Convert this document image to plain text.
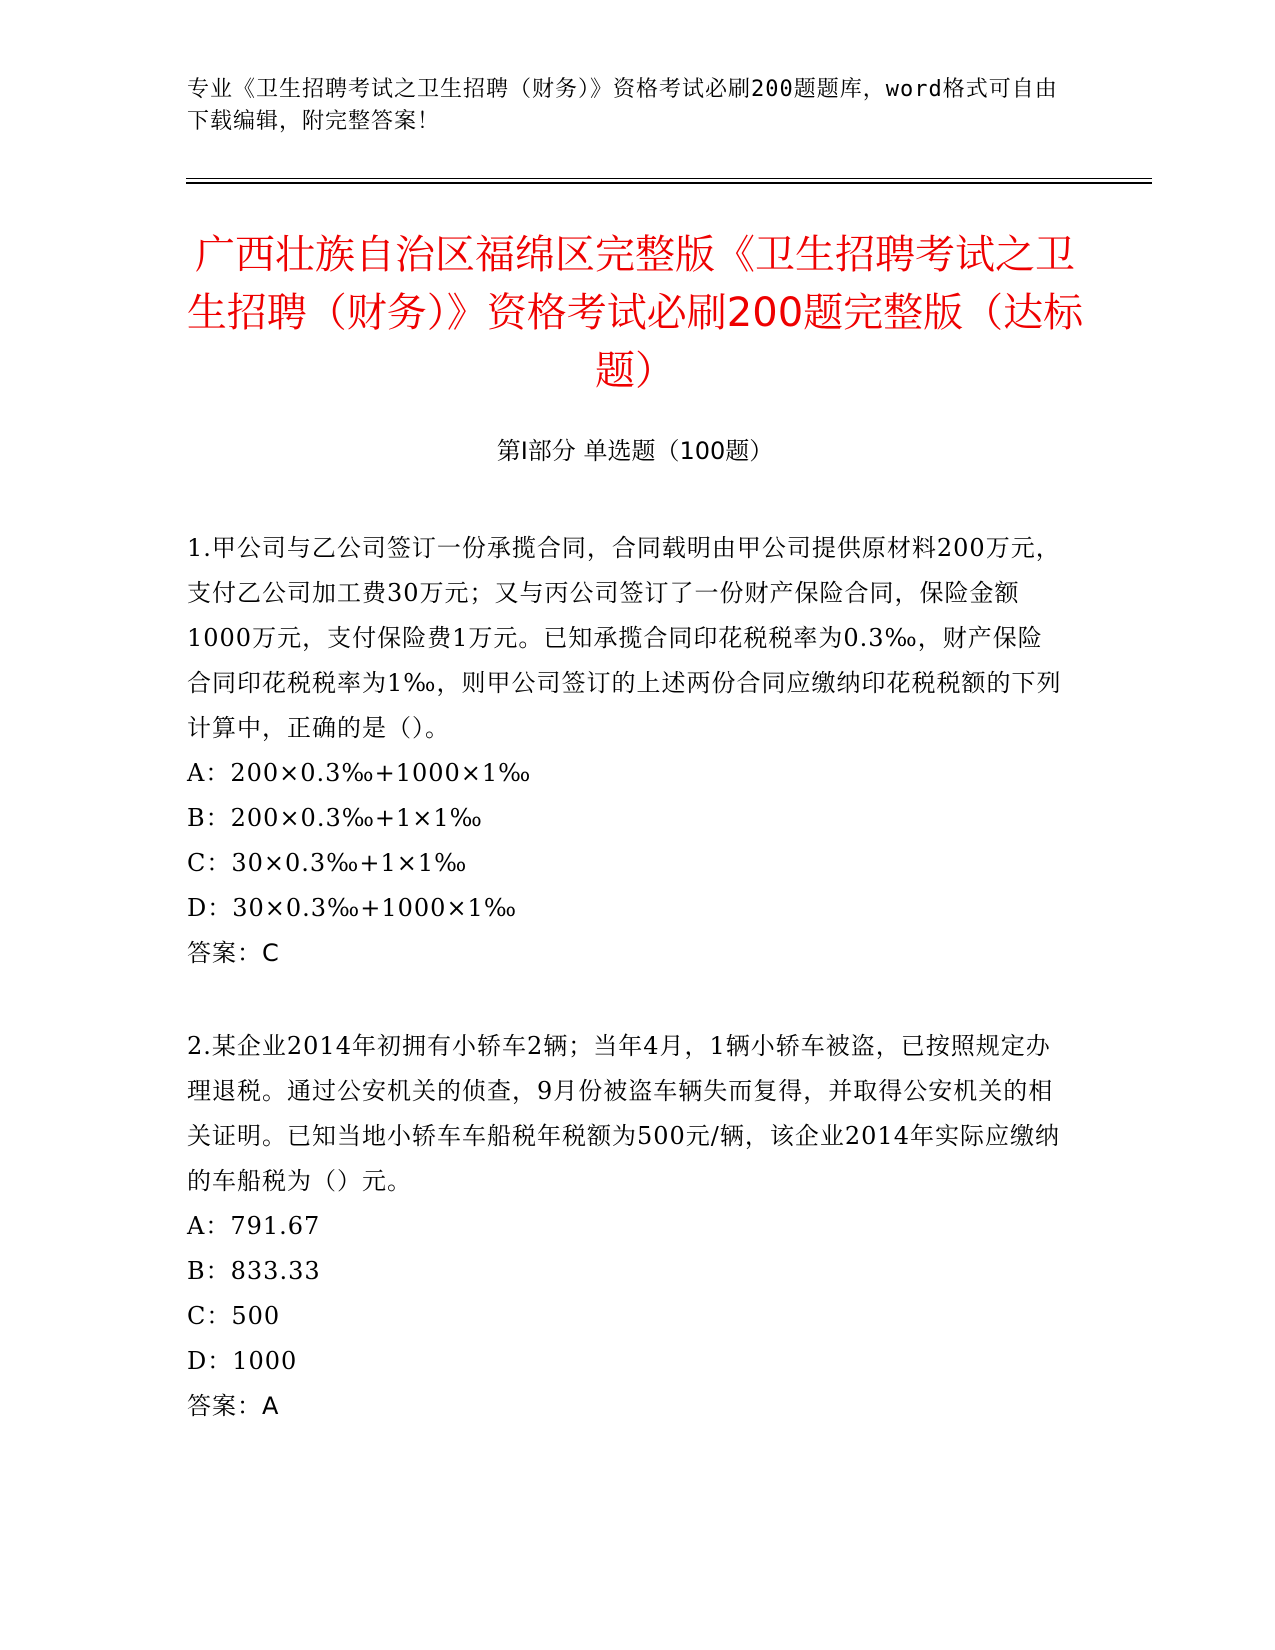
专业《卫生招聘考试之卫生招聘（财务）》资格考试必刷200题题库，word格式可自由下载编辑，附完整答案！
广西壮族自治区福绵区完整版《卫生招聘考试之卫生招聘（财务）》资格考试必刷200题完整版（达标题）
第Ⅰ部分 单选题（100题）

1.甲公司与乙公司签订一份承揽合同，合同载明由甲公司提供原材料200万元，支付乙公司加工费30万元；又与丙公司签订了一份财产保险合同，保险金额1000万元，支付保险费1万元。已知承揽合同印花税税率为0.3‰，财产保险合同印花税税率为1‰，则甲公司签订的上述两份合同应缴纳印花税税额的下列计算中，正确的是（）。

A：200×0.3‰+1000×1‰

B：200×0.3‰+1×1‰

C：30×0.3‰+1×1‰

D：30×0.3‰+1000×1‰

答案：C

2.某企业2014年初拥有小轿车2辆；当年4月，1辆小轿车被盗，已按照规定办理退税。通过公安机关的侦查，9月份被盗车辆失而复得，并取得公安机关的相关证明。已知当地小轿车车船税年税额为500元/辆，该企业2014年实际应缴纳的车船税为（）元。

A：791.67

B：833.33

C：500

D：1000

答案：A
